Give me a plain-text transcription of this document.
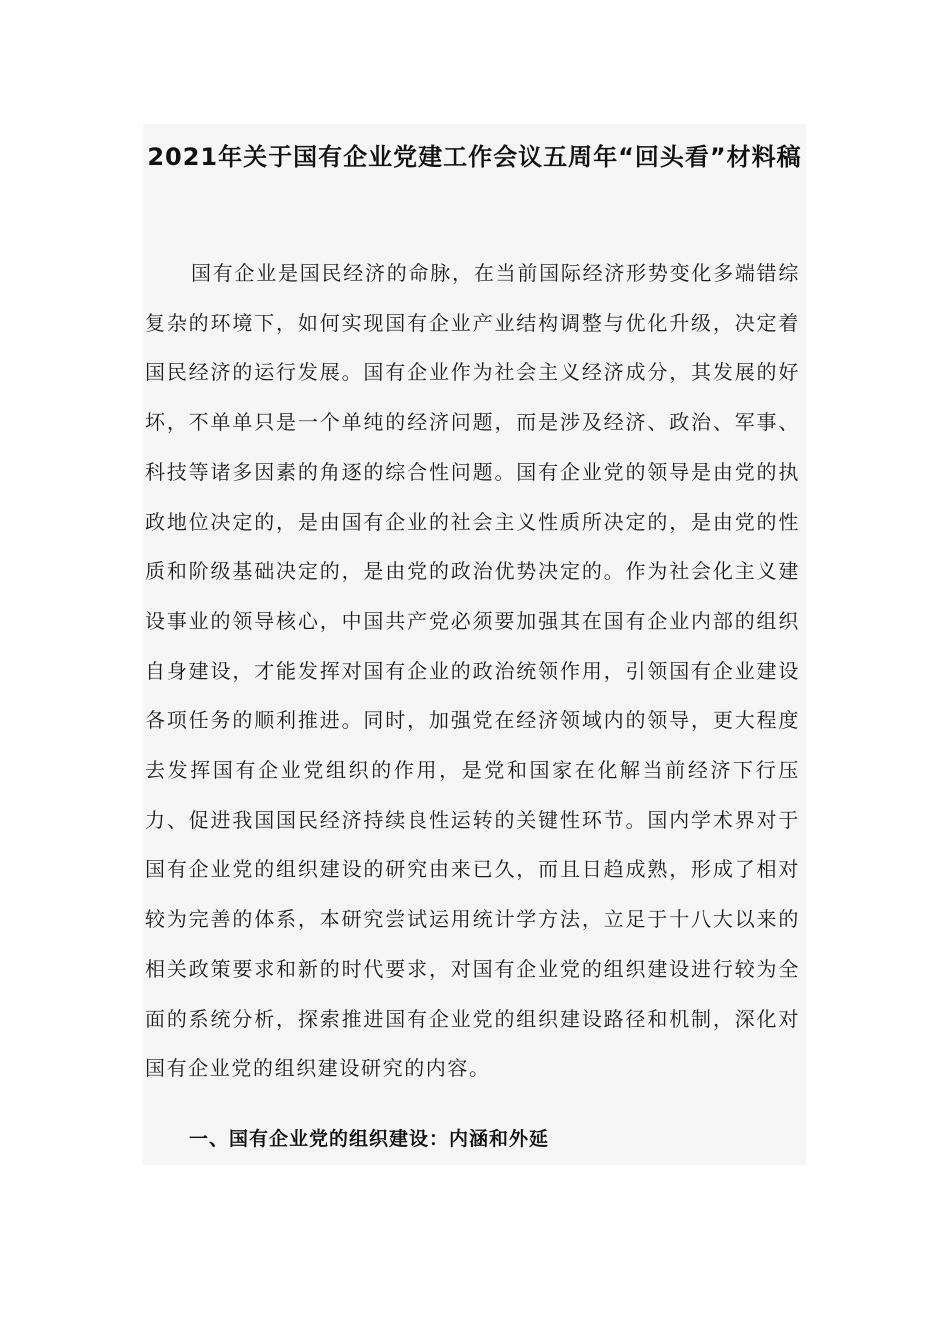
2021年关于国有企业党建工作会议五周年“回头看”材料稿

国有企业是国民经济的命脉，在当前国际经济形势变化多端错综复杂的环境下，如何实现国有企业产业结构调整与优化升级，决定着国民经济的运行发展。国有企业作为社会主义经济成分，其发展的好坏，不单单只是一个单纯的经济问题，而是涉及经济、政治、军事、科技等诸多因素的角逐的综合性问题。国有企业党的领导是由党的执政地位决定的，是由国有企业的社会主义性质所决定的，是由党的性质和阶级基础决定的，是由党的政治优势决定的。作为社会化主义建设事业的领导核心，中国共产党必须要加强其在国有企业内部的组织自身建设，才能发挥对国有企业的政治统领作用，引领国有企业建设各项任务的顺利推进。同时，加强党在经济领域内的领导，更大程度去发挥国有企业党组织的作用，是党和国家在化解当前经济下行压力、促进我国国民经济持续良性运转的关键性环节。国内学术界对于国有企业党的组织建设的研究由来已久，而且日趋成熟，形成了相对较为完善的体系，本研究尝试运用统计学方法，立足于十八大以来的相关政策要求和新的时代要求，对国有企业党的组织建设进行较为全面的系统分析，探索推进国有企业党的组织建设路径和机制，深化对国有企业党的组织建设研究的内容。

一、国有企业党的组织建设：内涵和外延
